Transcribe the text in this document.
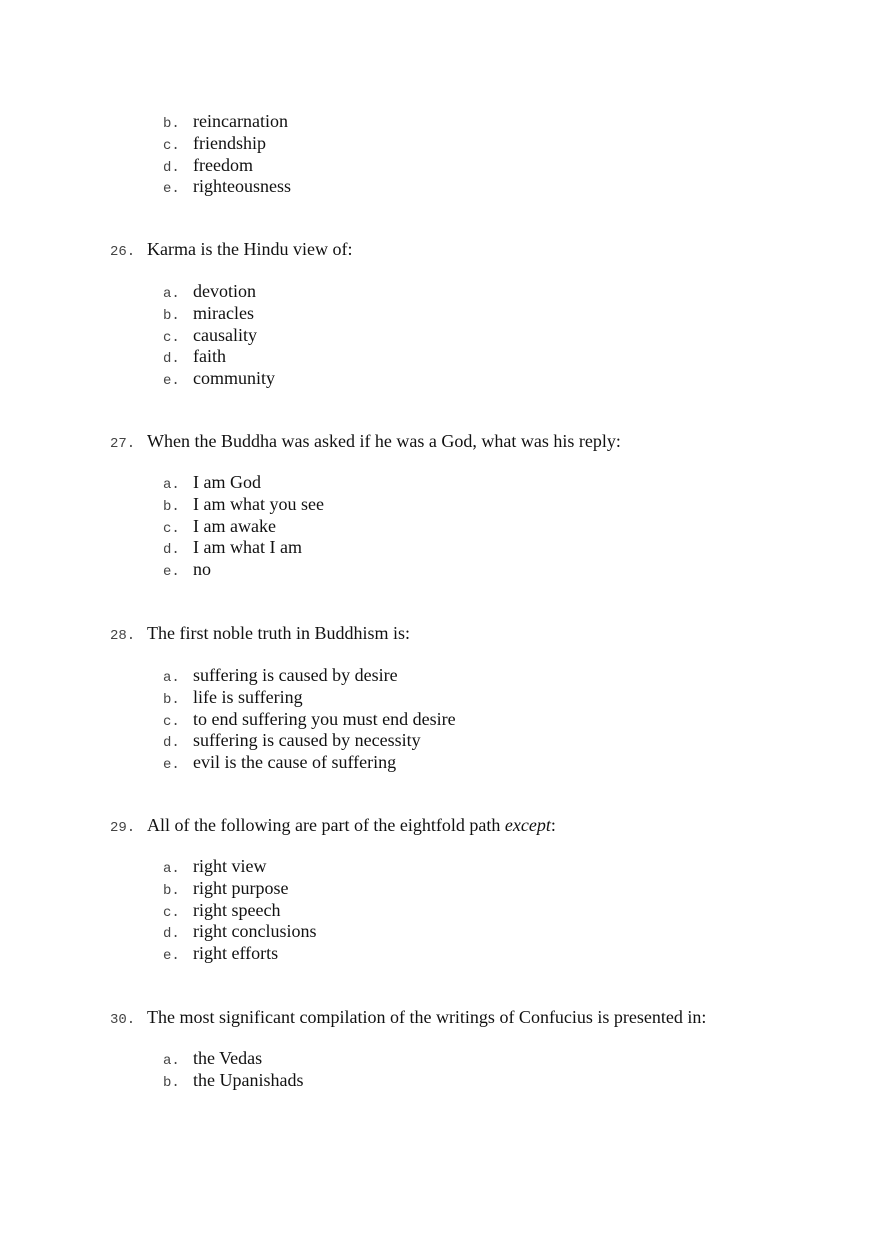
b. reincarnation
c. friendship
d. freedom
e. righteousness
26. Karma is the Hindu view of:
a. devotion
b. miracles
c. causality
d. faith
e. community
27. When the Buddha was asked if he was a God, what was his reply:
a. I am God
b. I am what you see
c. I am awake
d. I am what I am
e. no
28. The first noble truth in Buddhism is:
a. suffering is caused by desire
b. life is suffering
c. to end suffering you must end desire
d. suffering is caused by necessity
e. evil is the cause of suffering
29. All of the following are part of the eightfold path except:
a. right view
b. right purpose
c. right speech
d. right conclusions
e. right efforts
30. The most significant compilation of the writings of Confucius is presented in:
a. the Vedas
b. the Upanishads
